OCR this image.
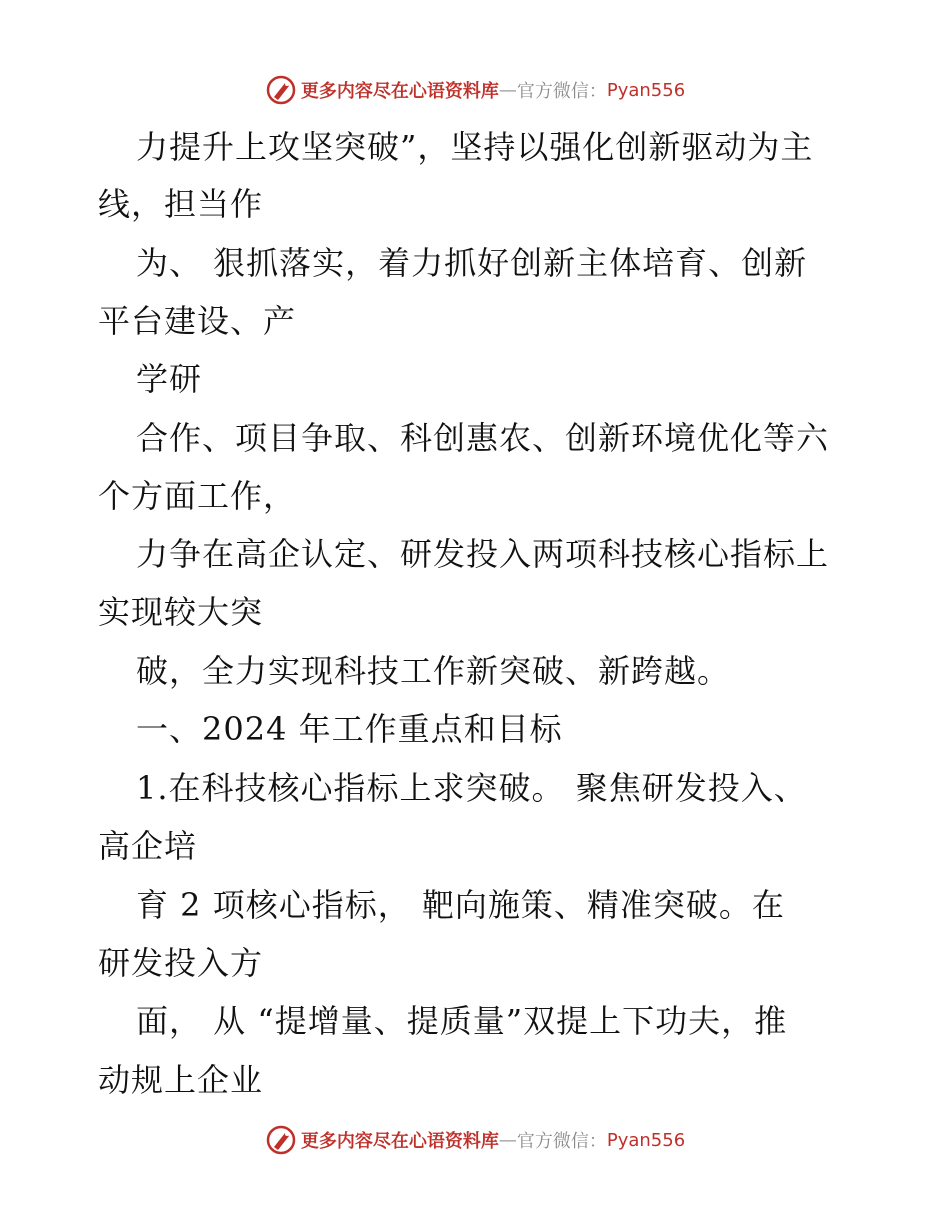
更多内容尽在心语资料库 — 官方微信： Pyan556
力提升上攻坚突破”，坚持以强化创新驱动为主
线，担当作
为、 狠抓落实，着力抓好创新主体培育、创新
平台建设、产
学研
合作、项目争取、科创惠农、创新环境优化等六
个方面工作，
力争在高企认定、研发投入两项科技核心指标上
实现较大突
破，全力实现科技工作新突破、新跨越。
一、2024 年工作重点和目标
1.在科技核心指标上求突破。 聚焦研发投入、
高企培
育 2 项核心指标， 靶向施策、精准突破。在
研发投入方
面， 从 “提增量、提质量”双提上下功夫，推
动规上企业
更多内容尽在心语资料库 — 官方微信： Pyan556
